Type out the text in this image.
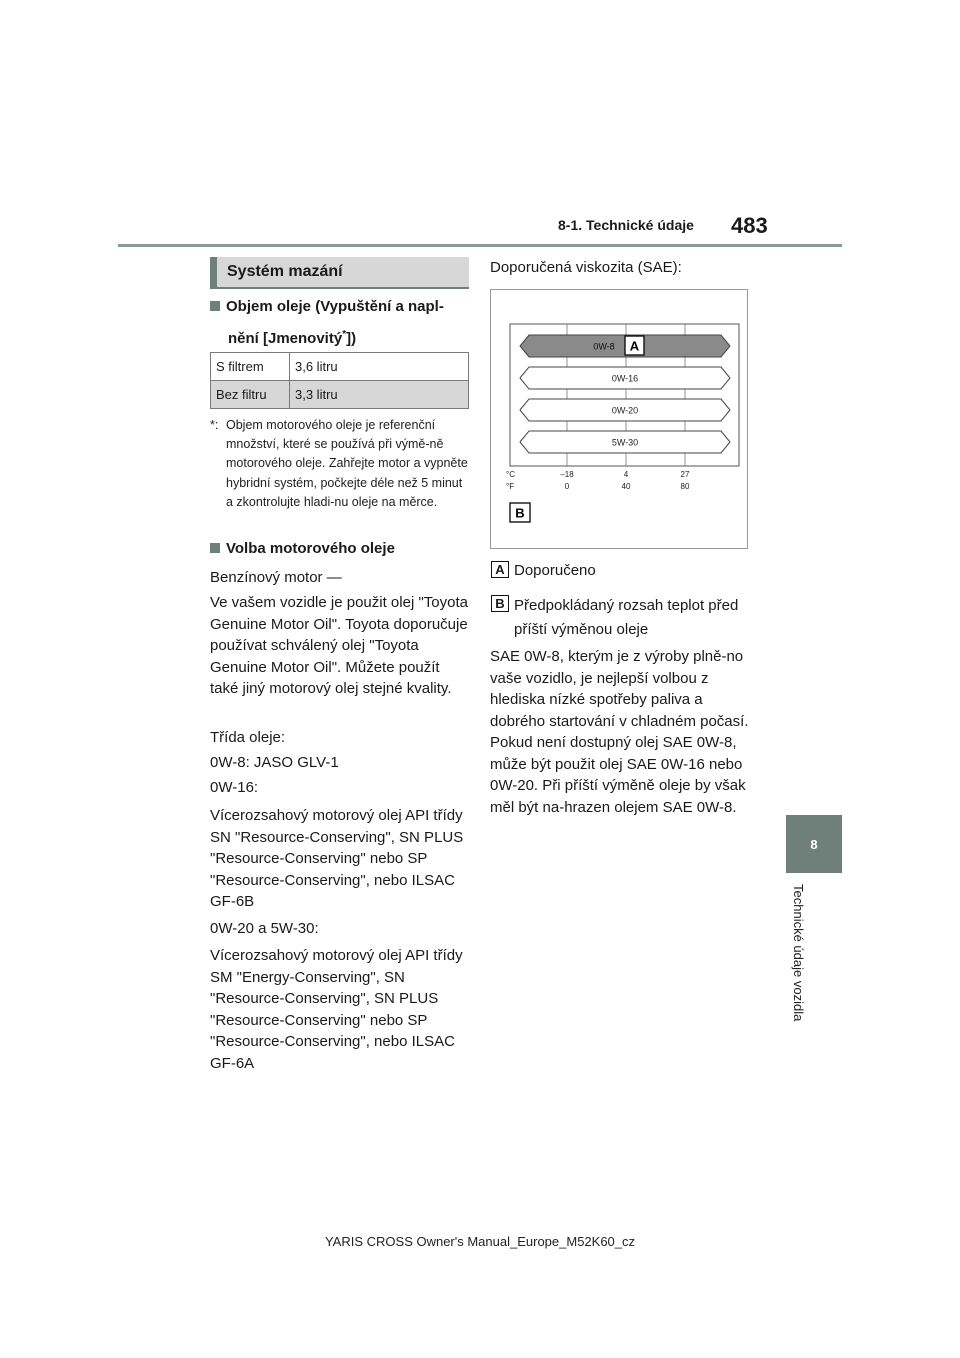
8-1. Technické údaje 483
8
Technické údaje vozidla
Systém mazání
Objem oleje (Vypuštění a napl-
nění [Jmenovitý*])
S filtrem	3,6 litru
Bez filtru	3,3 litru
*: Objem motorového oleje je referenční množství, které se používá při výmě-ně motorového oleje. Zahřejte motor a vypněte hybridní systém, počkejte déle než 5 minut a zkontrolujte hladi-nu oleje na měrce.
Volba motorového oleje
Benzínový motor —
Ve vašem vozidle je použit olej "Toyota Genuine Motor Oil". Toyota doporučuje používat schválený olej "Toyota Genuine Motor Oil". Můžete použít také jiný motorový olej stejné kvality.
Třída oleje:
0W-8: JASO GLV-1
0W-16:
Vícerozsahový motorový olej API třídy SN "Resource-Conserving", SN PLUS "Resource-Conserving" nebo SP "Resource-Conserving", nebo ILSAC GF-6B
0W-20 a 5W-30:
Vícerozsahový motorový olej API třídy SM "Energy-Conserving", SN "Resource-Conserving", SN PLUS "Resource-Conserving" nebo SP "Resource-Conserving", nebo ILSAC GF-6A
Doporučená viskozita (SAE):
0W-8 A
0W-16
0W-20
5W-30
°C
°F
–18	4	27
0	40	80
B
A Doporučeno
B Předpokládaný rozsah teplot před příští výměnou oleje
SAE 0W-8, kterým je z výroby plně-no vaše vozidlo, je nejlepší volbou z hlediska nízké spotřeby paliva a dobrého startování v chladném počasí. Pokud není dostupný olej SAE 0W-8, může být použit olej SAE 0W-16 nebo 0W-20. Při příští výměně oleje by však měl být na-hrazen olejem SAE 0W-8.
YARIS CROSS Owner's Manual_Europe_M52K60_cz
